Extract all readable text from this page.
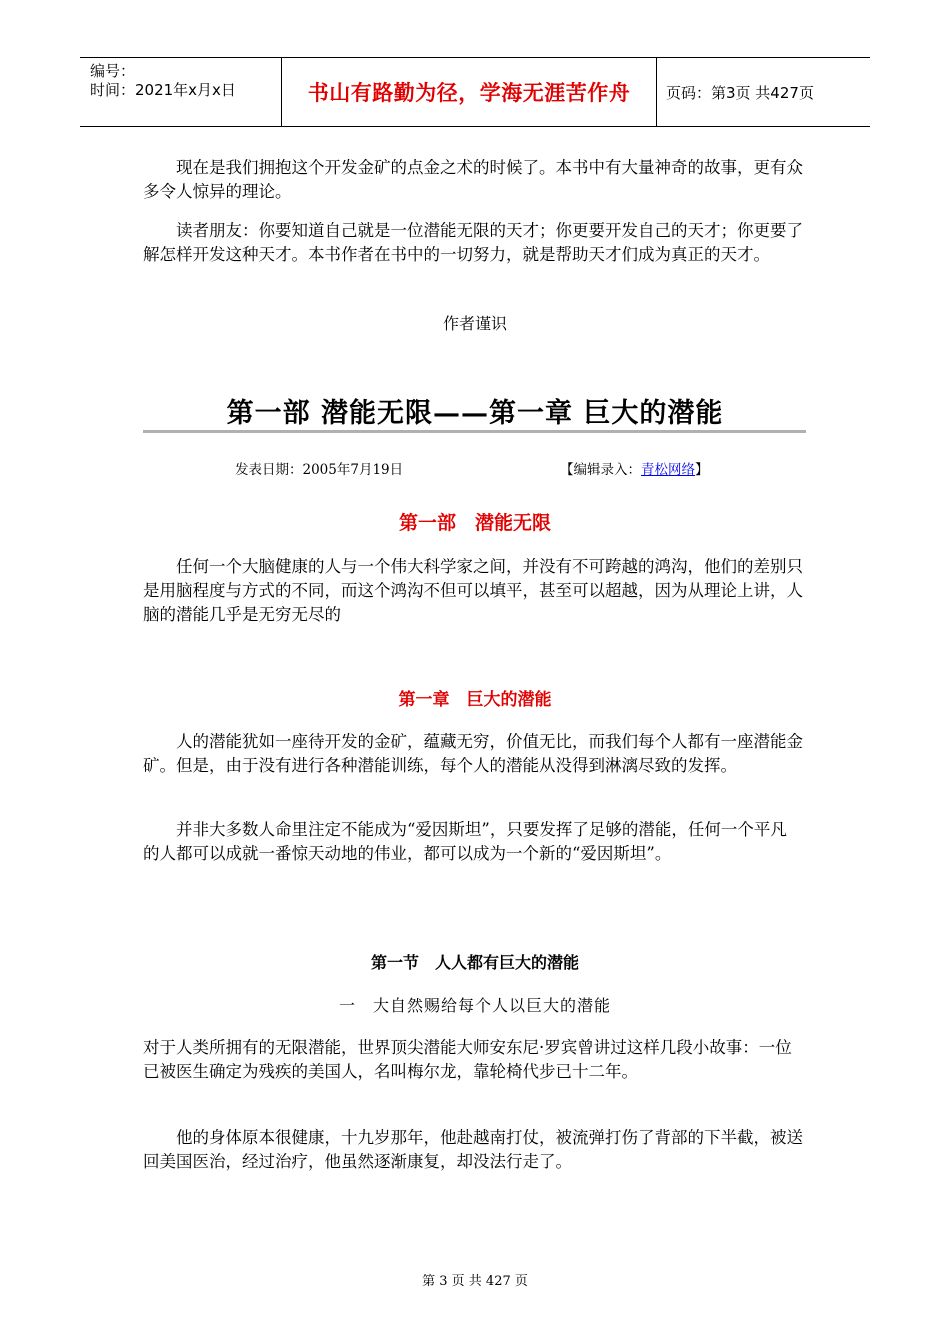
编号：
时间：2021年x月x日	书山有路勤为径，学海无涯苦作舟 页码：第3页 共427页

现在是我们拥抱这个开发金矿的点金之术的时候了。本书中有大量神奇的故事，更有众多令人惊异的理论。

读者朋友：你要知道自己就是一位潜能无限的天才；你更要开发自己的天才；你更要了解怎样开发这种天才。本书作者在书中的一切努力，就是帮助天才们成为真正的天才。

作者谨识

第一部 潜能无限——第一章 巨大的潜能
发表日期：2005年7月19日	【编辑录入：青松网络】
第一部　潜能无限

任何一个大脑健康的人与一个伟大科学家之间，并没有不可跨越的鸿沟，他们的差别只是用脑程度与方式的不同，而这个鸿沟不但可以填平，甚至可以超越，因为从理论上讲，人脑的潜能几乎是无穷无尽的

第一章　巨大的潜能

人的潜能犹如一座待开发的金矿，蕴藏无穷，价值无比，而我们每个人都有一座潜能金矿。但是，由于没有进行各种潜能训练，每个人的潜能从没得到淋漓尽致的发挥。

并非大多数人命里注定不能成为“爱因斯坦”，只要发挥了足够的潜能，任何一个平凡的人都可以成就一番惊天动地的伟业，都可以成为一个新的“爱因斯坦”。

第一节　人人都有巨大的潜能
一　大自然赐给每个人以巨大的潜能

对于人类所拥有的无限潜能，世界顶尖潜能大师安东尼·罗宾曾讲过这样几段小故事：一位已被医生确定为残疾的美国人，名叫梅尔龙，靠轮椅代步已十二年。

他的身体原本很健康，十九岁那年，他赴越南打仗，被流弹打伤了背部的下半截，被送回美国医治，经过治疗，他虽然逐渐康复，却没法行走了。

第 3 页 共 427 页
